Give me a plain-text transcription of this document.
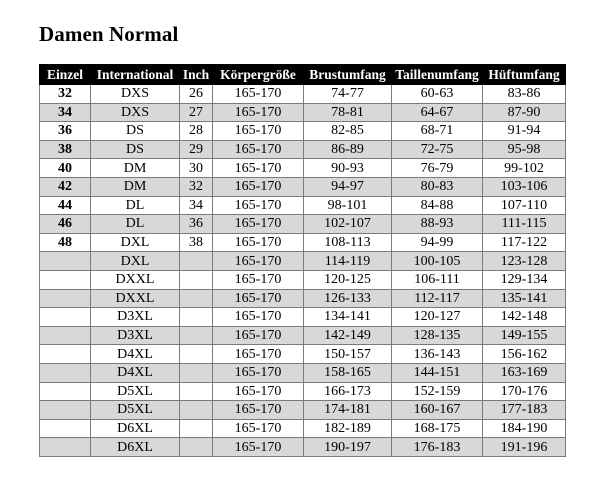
Damen Normal
Einzel	International	Inch	Körpergröße	Brustumfang	Taillenumfang	Hüftumfang
32	DXS	26	165-170	74-77	60-63	83-86
34	DXS	27	165-170	78-81	64-67	87-90
36	DS	28	165-170	82-85	68-71	91-94
38	DS	29	165-170	86-89	72-75	95-98
40	DM	30	165-170	90-93	76-79	99-102
42	DM	32	165-170	94-97	80-83	103-106
44	DL	34	165-170	98-101	84-88	107-110
46	DL	36	165-170	102-107	88-93	111-115
48	DXL	38	165-170	108-113	94-99	117-122
	DXL		165-170	114-119	100-105	123-128
	DXXL		165-170	120-125	106-111	129-134
	DXXL		165-170	126-133	112-117	135-141
	D3XL		165-170	134-141	120-127	142-148
	D3XL		165-170	142-149	128-135	149-155
	D4XL		165-170	150-157	136-143	156-162
	D4XL		165-170	158-165	144-151	163-169
	D5XL		165-170	166-173	152-159	170-176
	D5XL		165-170	174-181	160-167	177-183
	D6XL		165-170	182-189	168-175	184-190
	D6XL		165-170	190-197	176-183	191-196
